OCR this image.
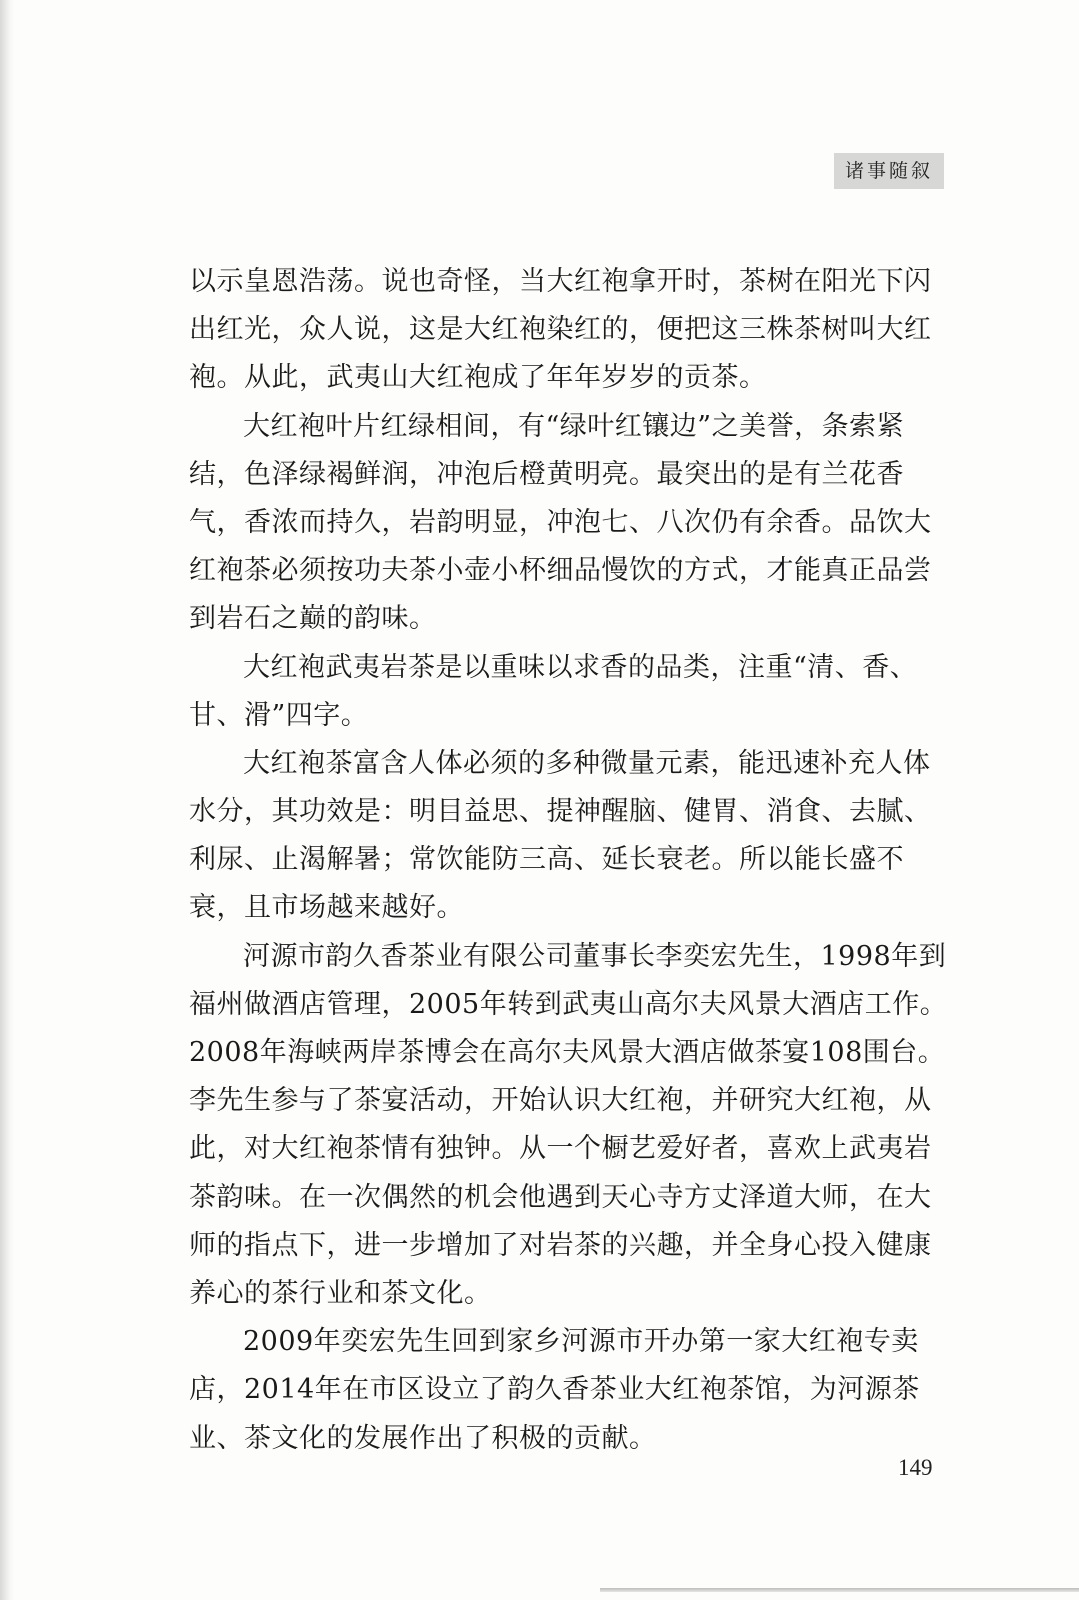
诸事随叙
以示皇恩浩荡。说也奇怪，当大红袍拿开时，茶树在阳光下闪
出红光，众人说，这是大红袍染红的，便把这三株茶树叫大红
袍。从此，武夷山大红袍成了年年岁岁的贡茶。
大红袍叶片红绿相间，有“绿叶红镶边”之美誉，条索紧
结，色泽绿褐鲜润，冲泡后橙黄明亮。最突出的是有兰花香
气，香浓而持久，岩韵明显，冲泡七、八次仍有余香。品饮大
红袍茶必须按功夫茶小壶小杯细品慢饮的方式，才能真正品尝
到岩石之巅的韵味。
大红袍武夷岩茶是以重味以求香的品类，注重“清、香、
甘、滑”四字。
大红袍茶富含人体必须的多种微量元素，能迅速补充人体
水分，其功效是：明目益思、提神醒脑、健胃、消食、去腻、
利尿、止渴解暑；常饮能防三高、延长衰老。所以能长盛不
衰，且市场越来越好。
河源市韵久香茶业有限公司董事长李奕宏先生，1998年到
福州做酒店管理，2005年转到武夷山高尔夫风景大酒店工作。
2008年海峡两岸茶博会在高尔夫风景大酒店做茶宴108围台。
李先生参与了茶宴活动，开始认识大红袍，并研究大红袍，从
此，对大红袍茶情有独钟。从一个橱艺爱好者，喜欢上武夷岩
茶韵味。在一次偶然的机会他遇到天心寺方丈泽道大师，在大
师的指点下，进一步增加了对岩茶的兴趣，并全身心投入健康
养心的茶行业和茶文化。
2009年奕宏先生回到家乡河源市开办第一家大红袍专卖
店，2014年在市区设立了韵久香茶业大红袍茶馆，为河源茶
业、茶文化的发展作出了积极的贡献。
149
